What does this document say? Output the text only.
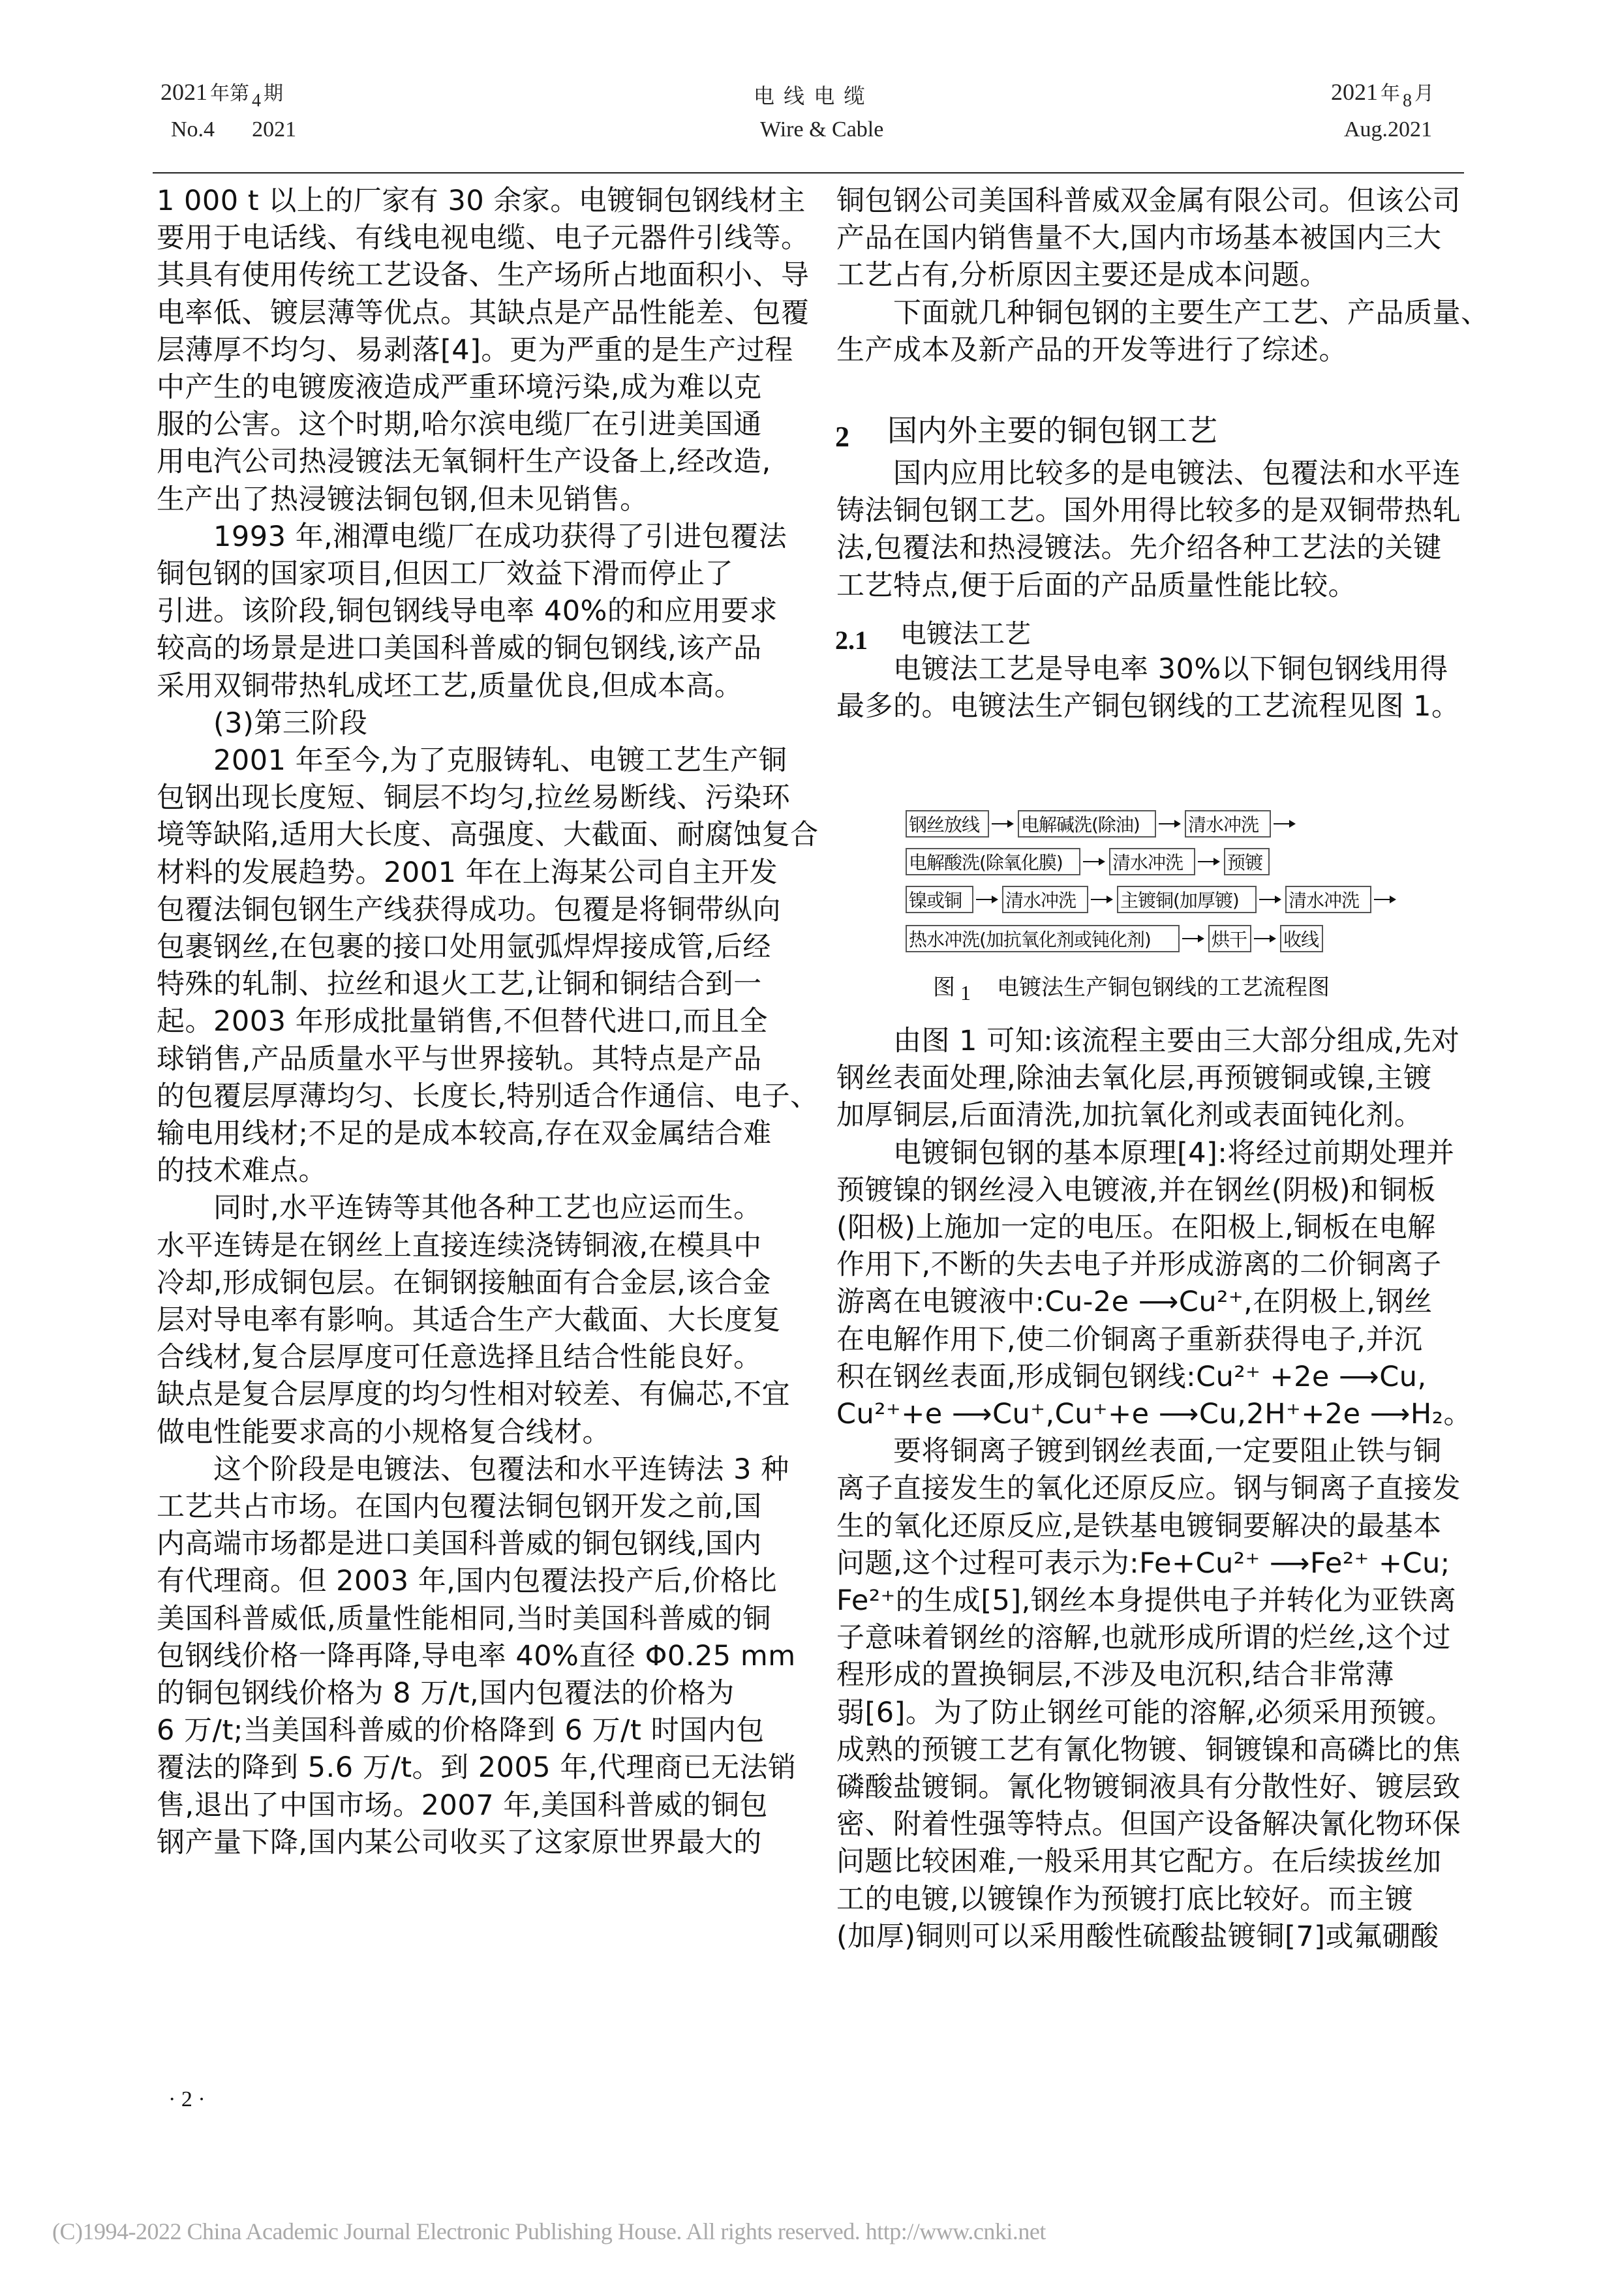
2021 年第 4 期
No.4 2021
电 线 电 缆
Wire & Cable
2021 年 8 月
Aug.2021
1 000 t 以上的厂家有 30 余家。电镀铜包钢线材主
要用于电话线、有线电视电缆、电子元器件引线等。
其具有使用传统工艺设备、生产场所占地面积小、导
电率低、镀层薄等优点。其缺点是产品性能差、包覆
层薄厚不均匀、易剥落[4]。更为严重的是生产过程
中产生的电镀废液造成严重环境污染,成为难以克
服的公害。这个时期,哈尔滨电缆厂在引进美国通
用电汽公司热浸镀法无氧铜杆生产设备上,经改造,
生产出了热浸镀法铜包钢,但未见销售。
　　1993 年,湘潭电缆厂在成功获得了引进包覆法
铜包钢的国家项目,但因工厂效益下滑而停止了
引进。该阶段,铜包钢线导电率 40%的和应用要求
较高的场景是进口美国科普威的铜包钢线,该产品
采用双铜带热轧成坯工艺,质量优良,但成本高。
　　(3)第三阶段
　　2001 年至今,为了克服铸轧、电镀工艺生产铜
包钢出现长度短、铜层不均匀,拉丝易断线、污染环
境等缺陷,适用大长度、高强度、大截面、耐腐蚀复合
材料的发展趋势。2001 年在上海某公司自主开发
包覆法铜包钢生产线获得成功。包覆是将铜带纵向
包裹钢丝,在包裹的接口处用氩弧焊焊接成管,后经
特殊的轧制、拉丝和退火工艺,让铜和铜结合到一
起。2003 年形成批量销售,不但替代进口,而且全
球销售,产品质量水平与世界接轨。其特点是产品
的包覆层厚薄均匀、长度长,特别适合作通信、电子、
输电用线材;不足的是成本较高,存在双金属结合难
的技术难点。
　　同时,水平连铸等其他各种工艺也应运而生。
水平连铸是在钢丝上直接连续浇铸铜液,在模具中
冷却,形成铜包层。在铜钢接触面有合金层,该合金
层对导电率有影响。其适合生产大截面、大长度复
合线材,复合层厚度可任意选择且结合性能良好。
缺点是复合层厚度的均匀性相对较差、有偏芯,不宜
做电性能要求高的小规格复合线材。
　　这个阶段是电镀法、包覆法和水平连铸法 3 种
工艺共占市场。在国内包覆法铜包钢开发之前,国
内高端市场都是进口美国科普威的铜包钢线,国内
有代理商。但 2003 年,国内包覆法投产后,价格比
美国科普威低,质量性能相同,当时美国科普威的铜
包钢线价格一降再降,导电率 40%直径 Φ0.25 mm
的铜包钢线价格为 8 万/t,国内包覆法的价格为
6 万/t;当美国科普威的价格降到 6 万/t 时国内包
覆法的降到 5.6 万/t。到 2005 年,代理商已无法销
售,退出了中国市场。2007 年,美国科普威的铜包
钢产量下降,国内某公司收买了这家原世界最大的
铜包钢公司美国科普威双金属有限公司。但该公司
产品在国内销售量不大,国内市场基本被国内三大
工艺占有,分析原因主要还是成本问题。
　　下面就几种铜包钢的主要生产工艺、产品质量、
生产成本及新产品的开发等进行了综述。
　　国内应用比较多的是电镀法、包覆法和水平连
铸法铜包钢工艺。国外用得比较多的是双铜带热轧
法,包覆法和热浸镀法。先介绍各种工艺法的关键
工艺特点,便于后面的产品质量性能比较。
　　电镀法工艺是导电率 30%以下铜包钢线用得
最多的。电镀法生产铜包钢线的工艺流程见图 1。
　　由图 1 可知:该流程主要由三大部分组成,先对
钢丝表面处理,除油去氧化层,再预镀铜或镍,主镀
加厚铜层,后面清洗,加抗氧化剂或表面钝化剂。
　　电镀铜包钢的基本原理[4]:将经过前期处理并
预镀镍的钢丝浸入电镀液,并在钢丝(阴极)和铜板
(阳极)上施加一定的电压。在阳极上,铜板在电解
作用下,不断的失去电子并形成游离的二价铜离子
游离在电镀液中:Cu-2e ⟶Cu²⁺,在阴极上,钢丝
在电解作用下,使二价铜离子重新获得电子,并沉
积在钢丝表面,形成铜包钢线:Cu²⁺ +2e ⟶Cu,
Cu²⁺+e ⟶Cu⁺,Cu⁺+e ⟶Cu,2H⁺+2e ⟶H₂。
　　要将铜离子镀到钢丝表面,一定要阻止铁与铜
离子直接发生的氧化还原反应。钢与铜离子直接发
生的氧化还原反应,是铁基电镀铜要解决的最基本
问题,这个过程可表示为:Fe+Cu²⁺ ⟶Fe²⁺ +Cu;
Fe²⁺的生成[5],钢丝本身提供电子并转化为亚铁离
子意味着钢丝的溶解,也就形成所谓的烂丝,这个过
程形成的置换铜层,不涉及电沉积,结合非常薄
弱[6]。为了防止钢丝可能的溶解,必须采用预镀。
成熟的预镀工艺有氰化物镀、铜镀镍和高磷比的焦
磷酸盐镀铜。氰化物镀铜液具有分散性好、镀层致
密、附着性强等特点。但国产设备解决氰化物环保
问题比较困难,一般采用其它配方。在后续拔丝加
工的电镀,以镀镍作为预镀打底比较好。而主镀
(加厚)铜则可以采用酸性硫酸盐镀铜[7]或氟硼酸
2 国内外主要的铜包钢工艺
2.1 电镀法工艺
钢丝放线	电解碱洗(除油)	清水冲洗
电解酸洗(除氧化膜)	清水冲洗	预镀
镍或铜	清水冲洗	主镀铜(加厚镀)	清水冲洗
热水冲洗(加抗氧化剂或钝化剂)	烘干 收线
图 1 电镀法生产铜包钢线的工艺流程图
· 2 ·
(C)1994-2022 China Academic Journal Electronic Publishing House. All rights reserved. http://www.cnki.net
